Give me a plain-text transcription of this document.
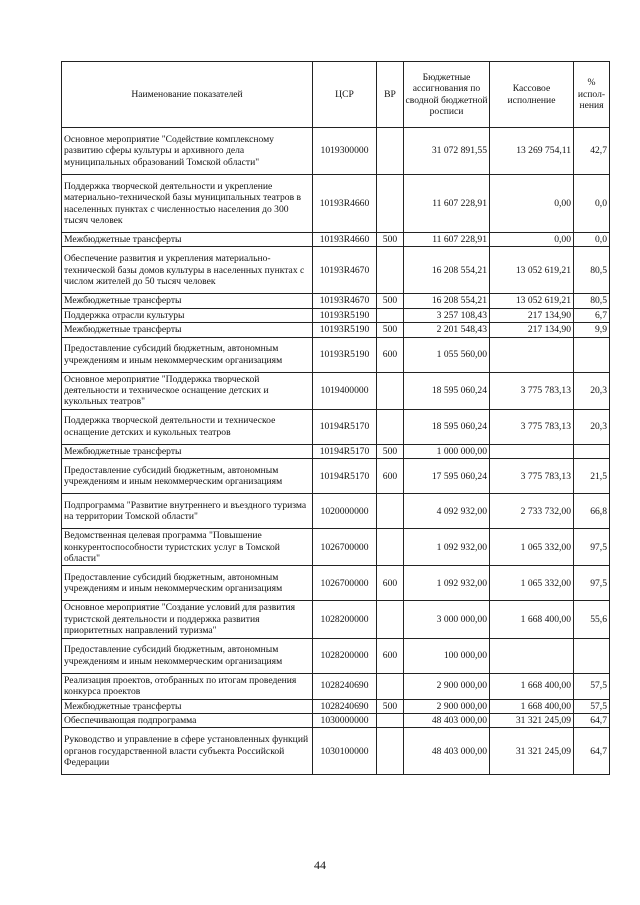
Наименование показателей	ЦСР	ВР	Бюджетные ассигнования по сводной бюджетной росписи	Кассовое исполнение	% испол-нения
Основное мероприятие "Содействие комплексному развитию сферы культуры и архивного дела муниципальных образований Томской области"	1019300000		31 072 891,55	13 269 754,11	42,7
Поддержка творческой деятельности и укрепление материально-технической базы муниципальных театров в населенных пунктах с численностью населения до 300 тысяч человек	10193R4660		11 607 228,91	0,00	0,0
Межбюджетные трансферты	10193R4660	500	11 607 228,91	0,00	0,0
Обеспечение развития и укрепления материально-технической базы домов культуры в населенных пунктах с числом жителей до 50 тысяч человек	10193R4670		16 208 554,21	13 052 619,21	80,5
Межбюджетные трансферты	10193R4670	500	16 208 554,21	13 052 619,21	80,5
Поддержка отрасли культуры	10193R5190		3 257 108,43	217 134,90	6,7
Межбюджетные трансферты	10193R5190	500	2 201 548,43	217 134,90	9,9
Предоставление субсидий бюджетным, автономным учреждениям и иным некоммерческим организациям	10193R5190	600	1 055 560,00		
Основное мероприятие "Поддержка творческой деятельности и техническое оснащение детских и кукольных театров"	1019400000		18 595 060,24	3 775 783,13	20,3
Поддержка творческой деятельности и техническое оснащение детских и кукольных театров	10194R5170		18 595 060,24	3 775 783,13	20,3
Межбюджетные трансферты	10194R5170	500	1 000 000,00		
Предоставление субсидий бюджетным, автономным учреждениям и иным некоммерческим организациям	10194R5170	600	17 595 060,24	3 775 783,13	21,5
Подпрограмма "Развитие внутреннего и въездного туризма на территории Томской области"	1020000000		4 092 932,00	2 733 732,00	66,8
Ведомственная целевая программа "Повышение конкурентоспособности туристских услуг в Томской области"	1026700000		1 092 932,00	1 065 332,00	97,5
Предоставление субсидий бюджетным, автономным учреждениям и иным некоммерческим организациям	1026700000	600	1 092 932,00	1 065 332,00	97,5
Основное мероприятие "Создание условий для развития туристской деятельности и поддержка развития приоритетных направлений туризма"	1028200000		3 000 000,00	1 668 400,00	55,6
Предоставление субсидий бюджетным, автономным учреждениям и иным некоммерческим организациям	1028200000	600	100 000,00		
Реализация проектов, отобранных по итогам проведения конкурса проектов	1028240690		2 900 000,00	1 668 400,00	57,5
Межбюджетные трансферты	1028240690	500	2 900 000,00	1 668 400,00	57,5
Обеспечивающая подпрограмма	1030000000		48 403 000,00	31 321 245,09	64,7
Руководство и управление в сфере установленных функций органов государственной власти субъекта Российской Федерации	1030100000		48 403 000,00	31 321 245,09	64,7
44
